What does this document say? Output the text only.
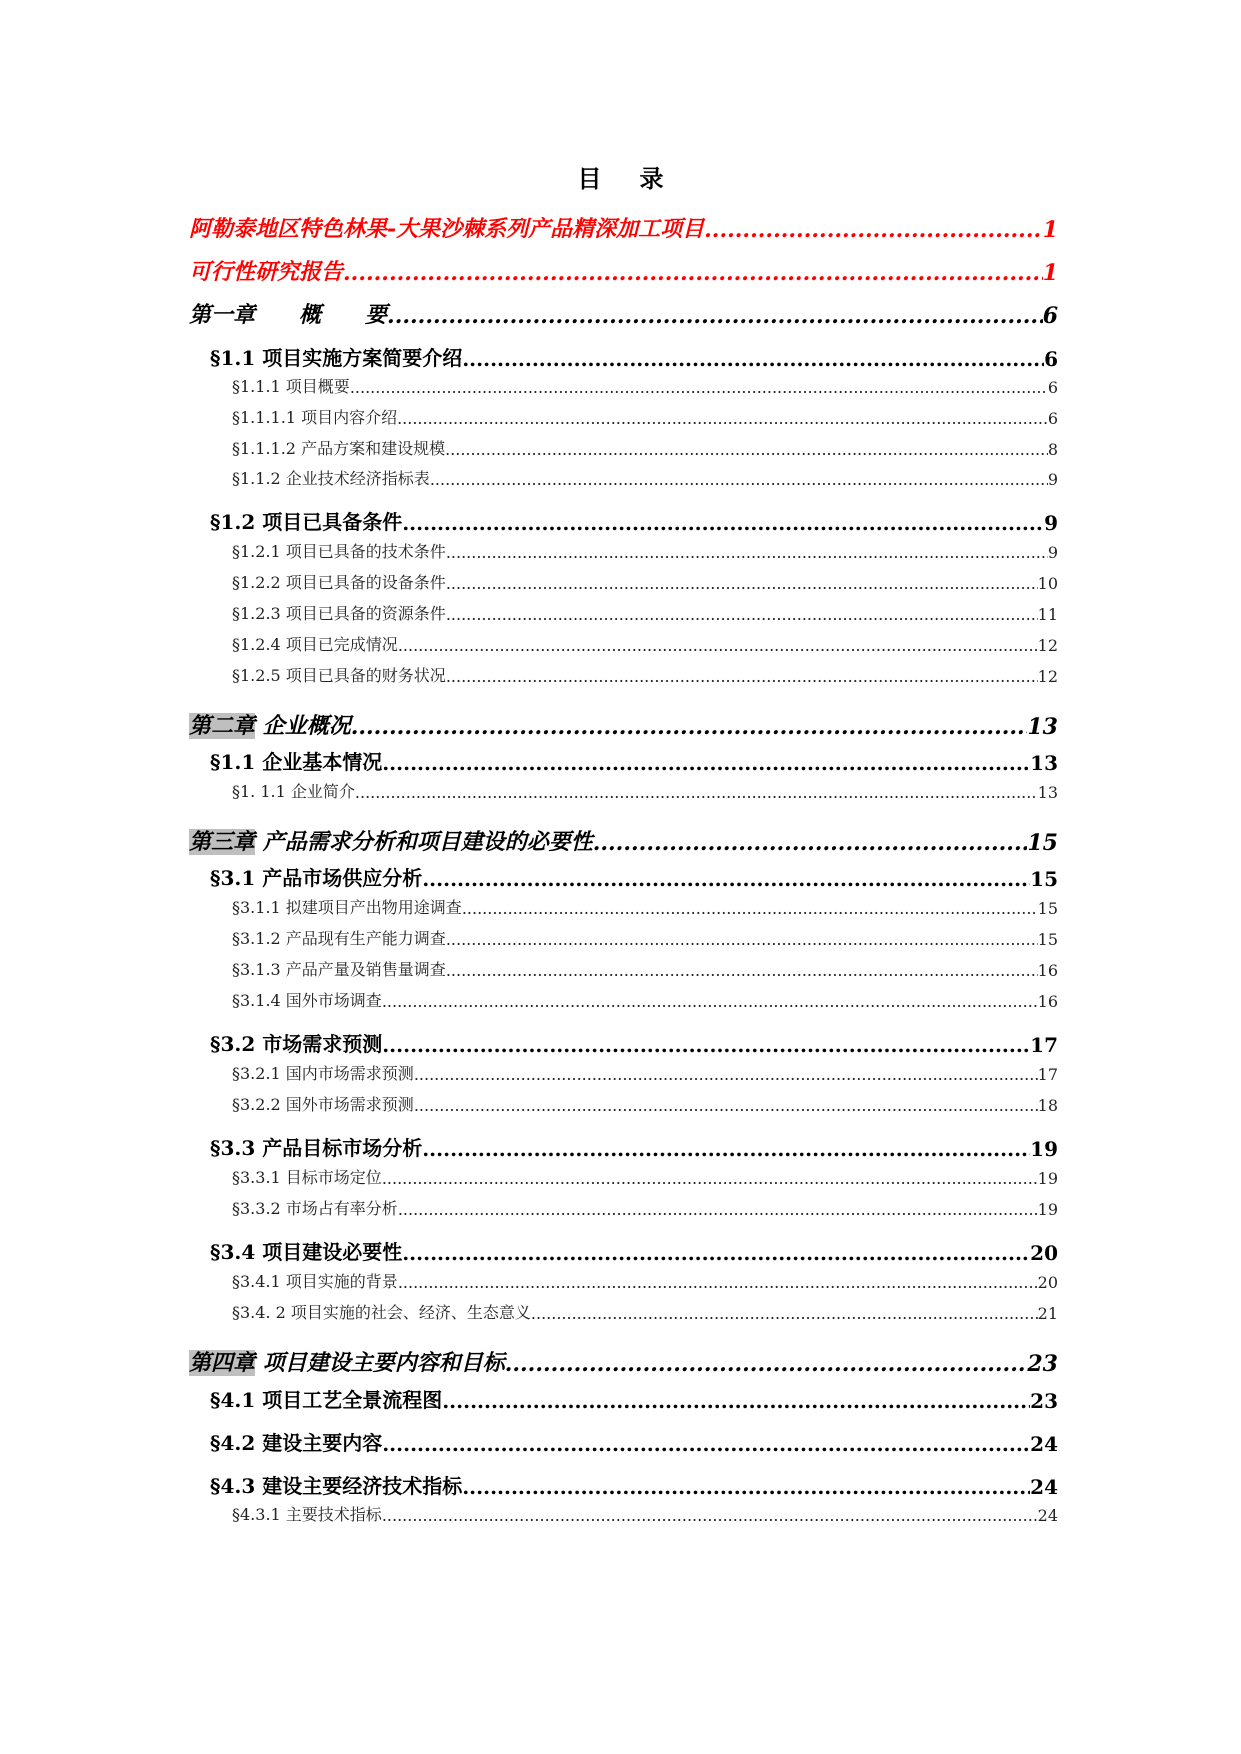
目录
阿勒泰地区特色林果-大果沙棘系列产品精深加工项目 .....	1
可行性研究报告 .....	1
第一章　　 概　　要 .....	6
§1.1 项目实施方案简要介绍 .....	6
§1.1.1 项目概要 .....	6
§1.1.1.1 项目内容介绍 .....	6
§1.1.1.2 产品方案和建设规模 .....	8
§1.1.2 企业技术经济指标表 .....	9
§1.2 项目已具备条件 .....	9
§1.2.1 项目已具备的技术条件 .....	9
§1.2.2 项目已具备的设备条件 .....	10
§1.2.3 项目已具备的资源条件 .....	11
§1.2.4 项目已完成情况 .....	12
§1.2.5 项目已具备的财务状况 .....	12
第二章 企业概况 .....	13
§1.1 企业基本情况 .....	13
§1. 1.1 企业简介 .....	13
第三章 产品需求分析和项目建设的必要性 .....	15
§3.1 产品市场供应分析 .....	15
§3.1.1 拟建项目产出物用途调查 .....	15
§3.1.2 产品现有生产能力调查 .....	15
§3.1.3 产品产量及销售量调查 .....	16
§3.1.4 国外市场调查 .....	16
§3.2 市场需求预测 .....	17
§3.2.1 国内市场需求预测 .....	17
§3.2.2 国外市场需求预测 .....	18
§3.3 产品目标市场分析 .....	19
§3.3.1 目标市场定位 .....	19
§3.3.2 市场占有率分析 .....	19
§3.4 项目建设必要性 .....	20
§3.4.1 项目实施的背景 .....	20
§3.4. 2 项目实施的社会、经济、生态意义 .....	21
第四章 项目建设主要内容和目标 .....	23
§4.1 项目工艺全景流程图 .....	23
§4.2 建设主要内容 .....	24
§4.3 建设主要经济技术指标 .....	24
§4.3.1 主要技术指标 .....	24
